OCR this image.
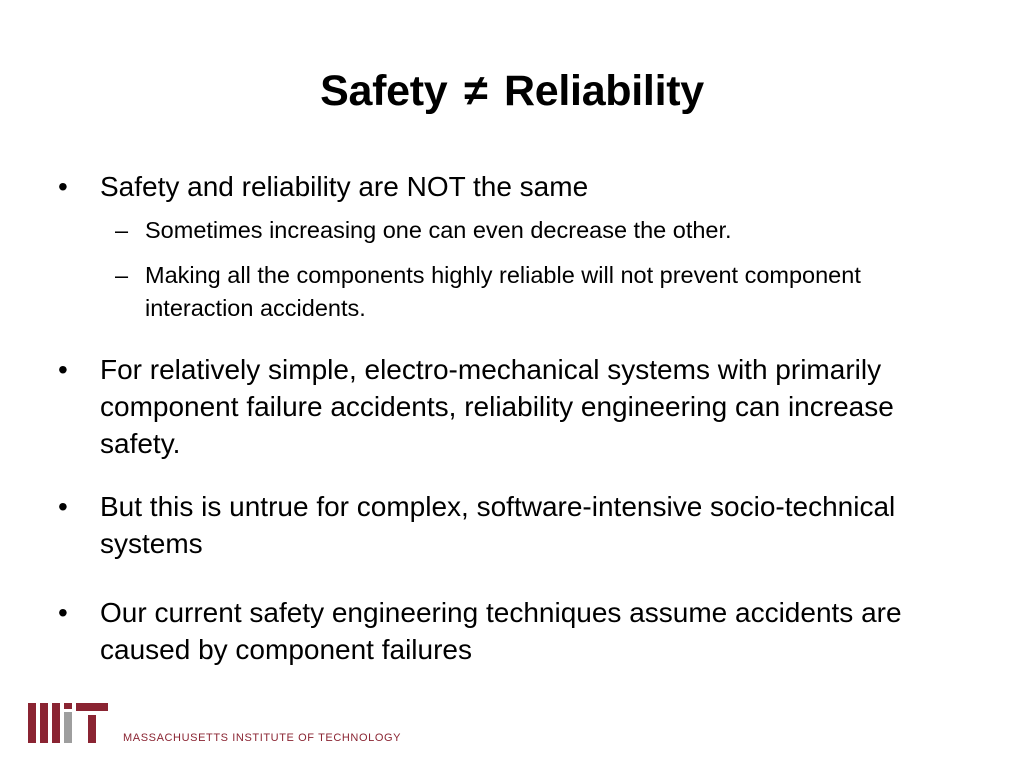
Safety ≠ Reliability
•	Safety and reliability are NOT the same
– Sometimes increasing one can even decrease the other.
– Making all the components highly reliable will not prevent component interaction accidents.
•	For relatively simple, electro-mechanical systems with primarily component failure accidents, reliability engineering can increase safety.
•	But this is untrue for complex, software-intensive socio-technical systems
•	Our current safety engineering techniques assume accidents are caused by component failures
MASSACHUSETTS INSTITUTE OF TECHNOLOGY
